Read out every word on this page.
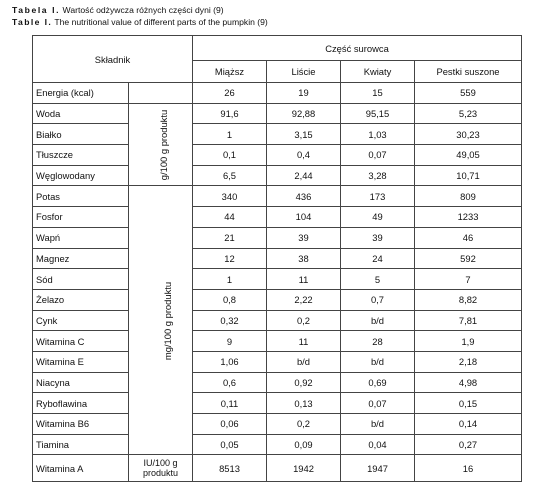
Tabela I. Wartość odżywcza różnych części dyni (9)
Table I. The nutritional value of different parts of the pumpkin (9)
Składnik		Część surowca			
		Miąższ	Liście	Kwiaty	Pestki suszone
Energia (kcal)		26	19	15	559
Woda	g/100 g produktu	91,6	92,88	95,15	5,23
Białko		1	3,15	1,03	30,23
Tłuszcze		0,1	0,4	0,07	49,05
Węglowodany		6,5	2,44	3,28	10,71
Potas	mg/100 g produktu	340	436	173	809
Fosfor		44	104	49	1233
Wapń		21	39	39	46
Magnez		12	38	24	592
Sód		1	11	5	7
Żelazo		0,8	2,22	0,7	8,82
Cynk		0,32	0,2	b/d	7,81
Witamina C		9	11	28	1,9
Witamina E		1,06	b/d	b/d	2,18
Niacyna		0,6	0,92	0,69	4,98
Ryboflawina		0,11	0,13	0,07	0,15
Witamina B6		0,06	0,2	b/d	0,14
Tiamina		0,05	0,09	0,04	0,27
Witamina A	IU/100 g produktu	8513	1942	1947	16
